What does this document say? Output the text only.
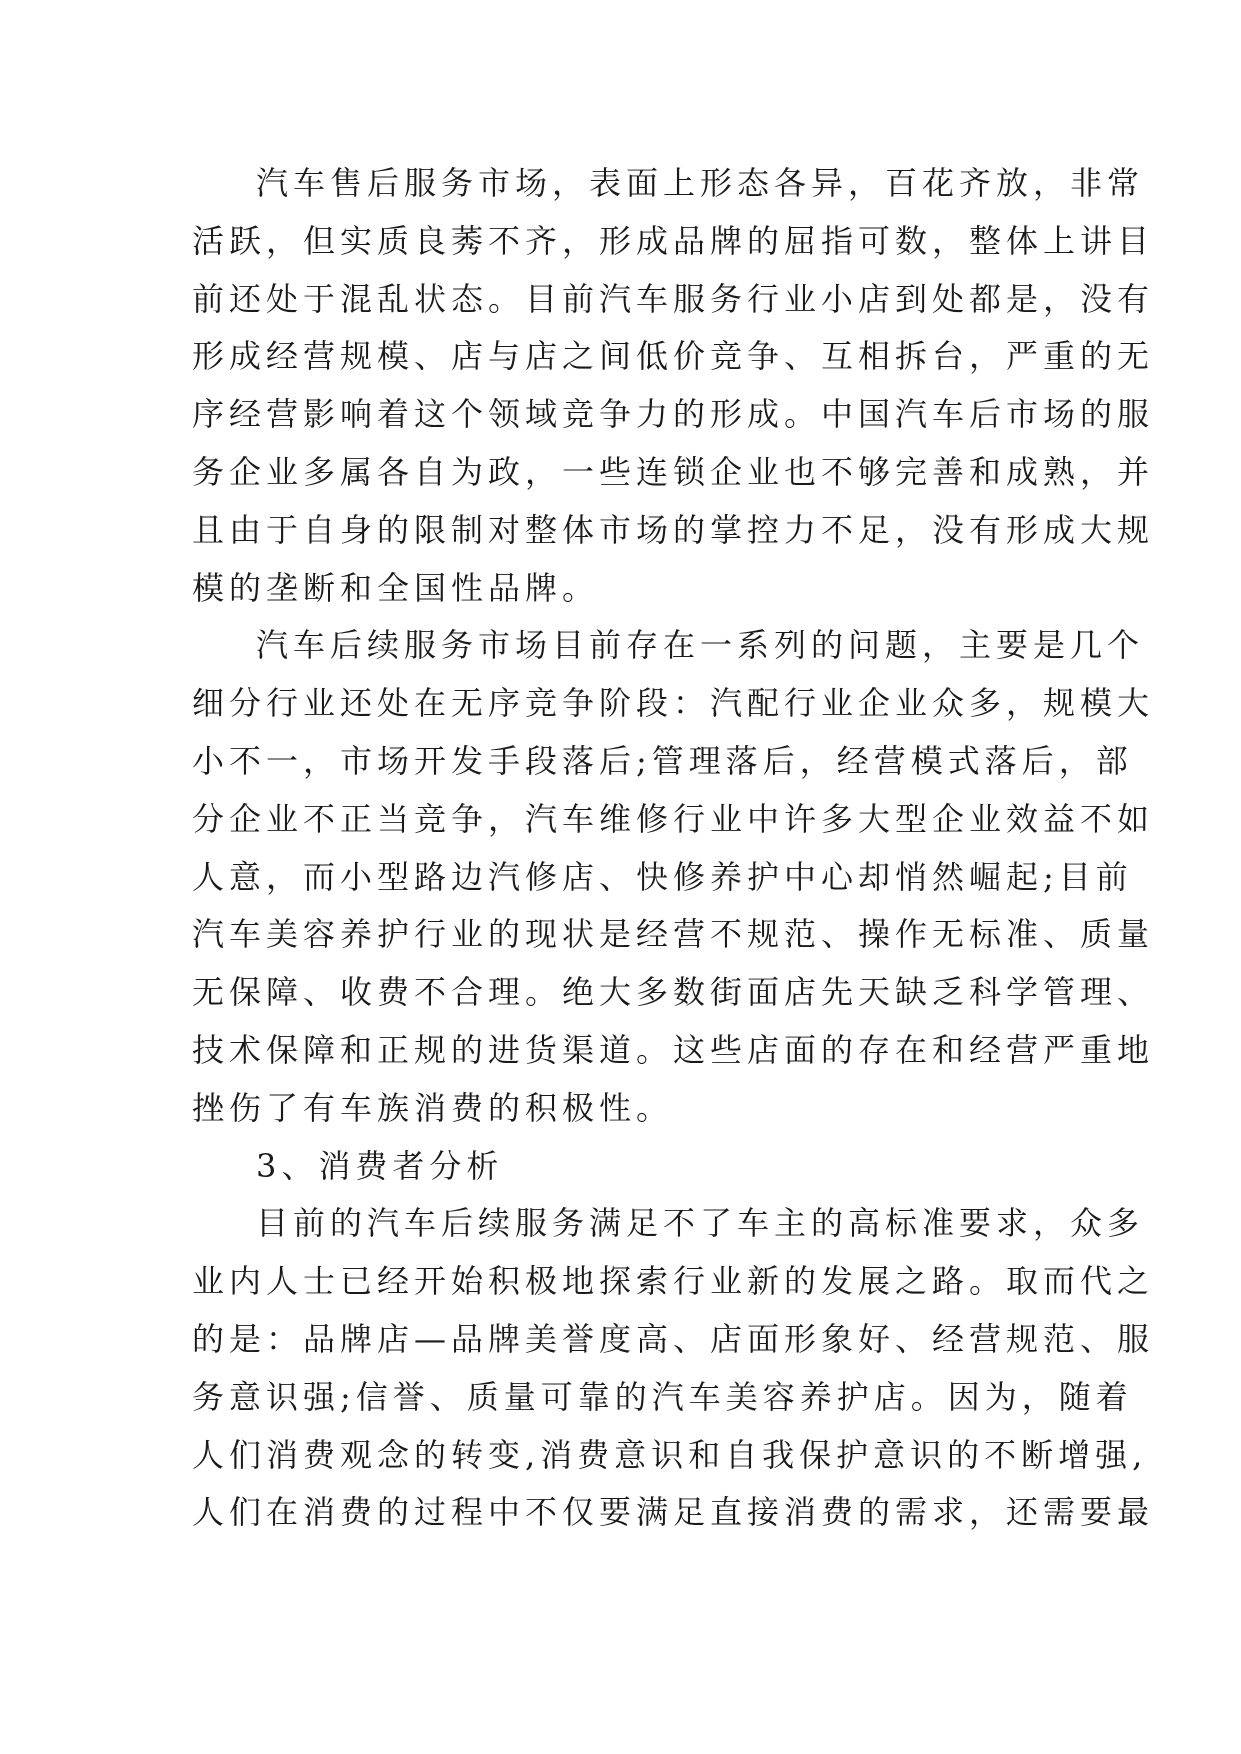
汽车售后服务市场，表面上形态各异，百花齐放，非常
活跃，但实质良莠不齐，形成品牌的屈指可数，整体上讲目
前还处于混乱状态。目前汽车服务行业小店到处都是，没有
形成经营规模、店与店之间低价竞争、互相拆台，严重的无
序经营影响着这个领域竞争力的形成。中国汽车后市场的服
务企业多属各自为政，一些连锁企业也不够完善和成熟，并
且由于自身的限制对整体市场的掌控力不足，没有形成大规
模的垄断和全国性品牌。
汽车后续服务市场目前存在一系列的问题，主要是几个
细分行业还处在无序竞争阶段：汽配行业企业众多，规模大
小不一，市场开发手段落后;管理落后，经营模式落后，部
分企业不正当竞争，汽车维修行业中许多大型企业效益不如
人意，而小型路边汽修店、快修养护中心却悄然崛起;目前
汽车美容养护行业的现状是经营不规范、操作无标准、质量
无保障、收费不合理。绝大多数街面店先天缺乏科学管理、
技术保障和正规的进货渠道。这些店面的存在和经营严重地
挫伤了有车族消费的积极性。
3、消费者分析
目前的汽车后续服务满足不了车主的高标准要求，众多
业内人士已经开始积极地探索行业新的发展之路。取而代之
的是：品牌店—品牌美誉度高、店面形象好、经营规范、服
务意识强;信誉、质量可靠的汽车美容养护店。因为，随着
人们消费观念的转变,消费意识和自我保护意识的不断增强,
人们在消费的过程中不仅要满足直接消费的需求，还需要最
